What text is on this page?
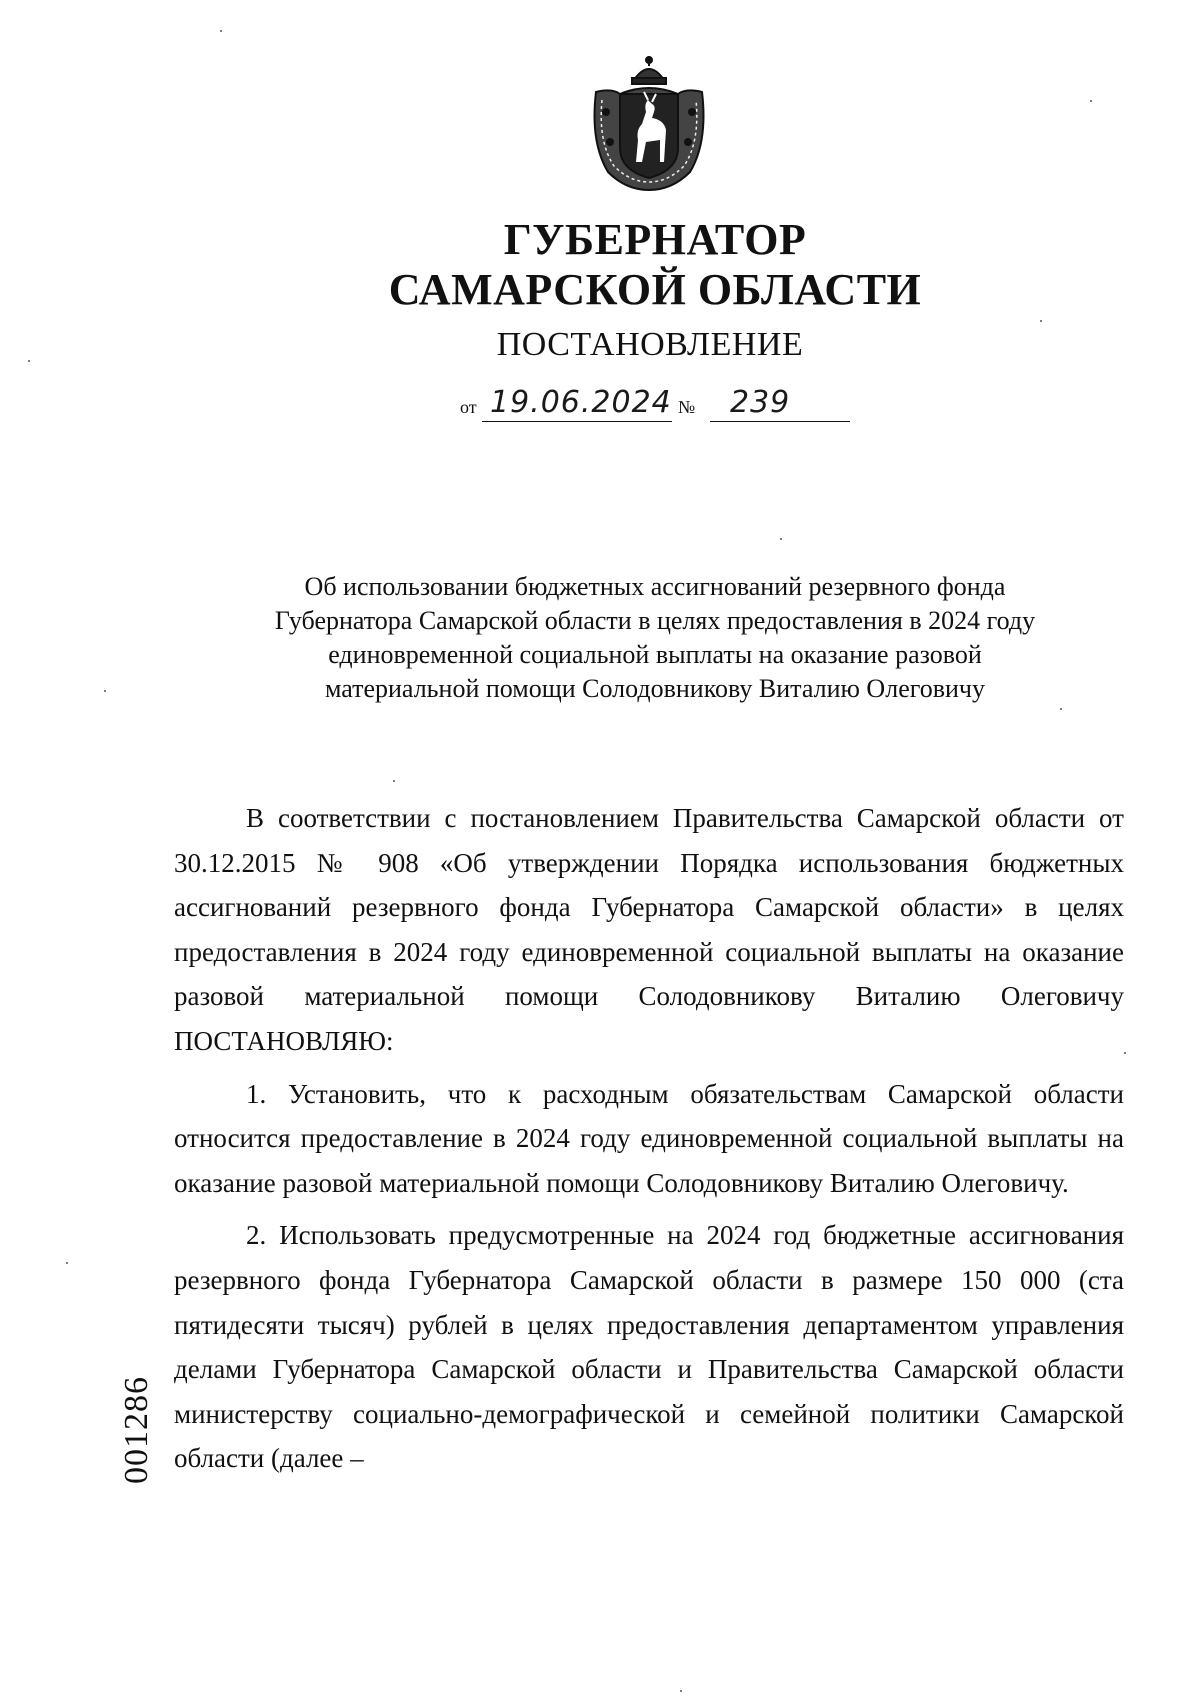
ГУБЕРНАТОР
САМАРСКОЙ ОБЛАСТИ
ПОСТАНОВЛЕНИЕ
от 19.06.2024 № 239
Об использовании бюджетных ассигнований резервного фонда
Губернатора Самарской области в целях предоставления в 2024 году
единовременной социальной выплаты на оказание разовой
материальной помощи Солодовникову Виталию Олеговичу

В соответствии с постановлением Правительства Самарской области от 30.12.2015 № 908 «Об утверждении Порядка использования бюджетных ассигнований резервного фонда Губернатора Самарской области» в целях предоставления в 2024 году единовременной социальной выплаты на оказание разовой материальной помощи Солодовникову Виталию Олеговичу ПОСТАНОВЛЯЮ:

1. Установить, что к расходным обязательствам Самарской области относится предоставление в 2024 году единовременной социальной выплаты на оказание разовой материальной помощи Солодовникову Виталию Олеговичу.

2. Использовать предусмотренные на 2024 год бюджетные ассигнования резервного фонда Губернатора Самарской области в размере 150 000 (ста пятидесяти тысяч) рублей в целях предоставления департаментом управления делами Губернатора Самарской области и Правительства Самарской области министерству социально-демографической и семейной политики Самарской области (далее –

001286
